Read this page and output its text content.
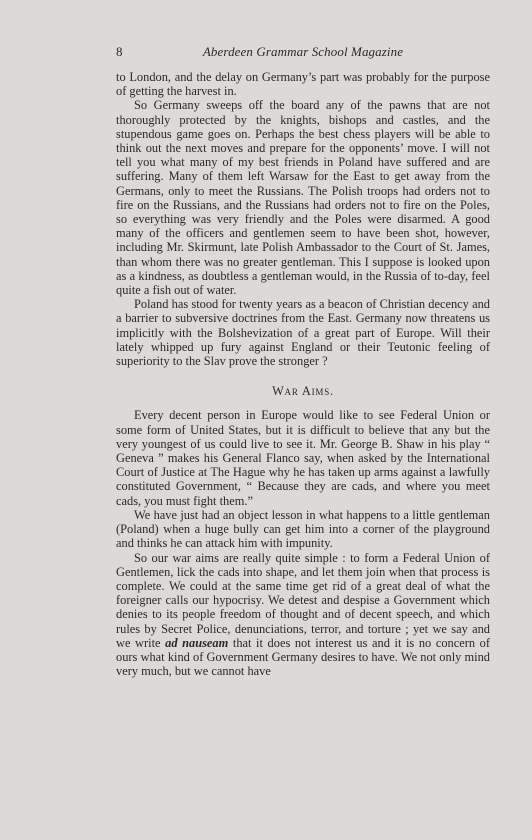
8	Aberdeen Grammar School Magazine

to London, and the delay on Germany’s part was probably for the purpose of getting the harvest in.

So Germany sweeps off the board any of the pawns that are not thoroughly protected by the knights, bishops and castles, and the stupendous game goes on. Perhaps the best chess players will be able to think out the next moves and prepare for the opponents’ move. I will not tell you what many of my best friends in Poland have suffered and are suffering. Many of them left Warsaw for the East to get away from the Germans, only to meet the Russians. The Polish troops had orders not to fire on the Russians, and the Russians had orders not to fire on the Poles, so everything was very friendly and the Poles were disarmed. A good many of the officers and gentlemen seem to have been shot, however, including Mr. Skirmunt, late Polish Ambassador to the Court of St. James, than whom there was no greater gentleman. This I suppose is looked upon as a kindness, as doubtless a gentleman would, in the Russia of to-day, feel quite a fish out of water.

Poland has stood for twenty years as a beacon of Christian decency and a barrier to subversive doctrines from the East. Germany now threatens us implicitly with the Bolshevization of a great part of Europe. Will their lately whipped up fury against England or their Teutonic feeling of superiority to the Slav prove the stronger ?

War Aims.

Every decent person in Europe would like to see Federal Union or some form of United States, but it is difficult to believe that any but the very youngest of us could live to see it. Mr. George B. Shaw in his play “ Geneva ” makes his General Flanco say, when asked by the International Court of Justice at The Hague why he has taken up arms against a lawfully constituted Government, “ Because they are cads, and where you meet cads, you must fight them.”

We have just had an object lesson in what happens to a little gentleman (Poland) when a huge bully can get him into a corner of the playground and thinks he can attack him with impunity.

So our war aims are really quite simple : to form a Federal Union of Gentlemen, lick the cads into shape, and let them join when that process is complete. We could at the same time get rid of a great deal of what the foreigner calls our hypocrisy. We detest and despise a Government which denies to its people freedom of thought and of decent speech, and which rules by Secret Police, denunciations, terror, and torture ; yet we say and we write ad nauseam that it does not interest us and it is no concern of ours what kind of Government Germany desires to have. We not only mind very much, but we cannot have
